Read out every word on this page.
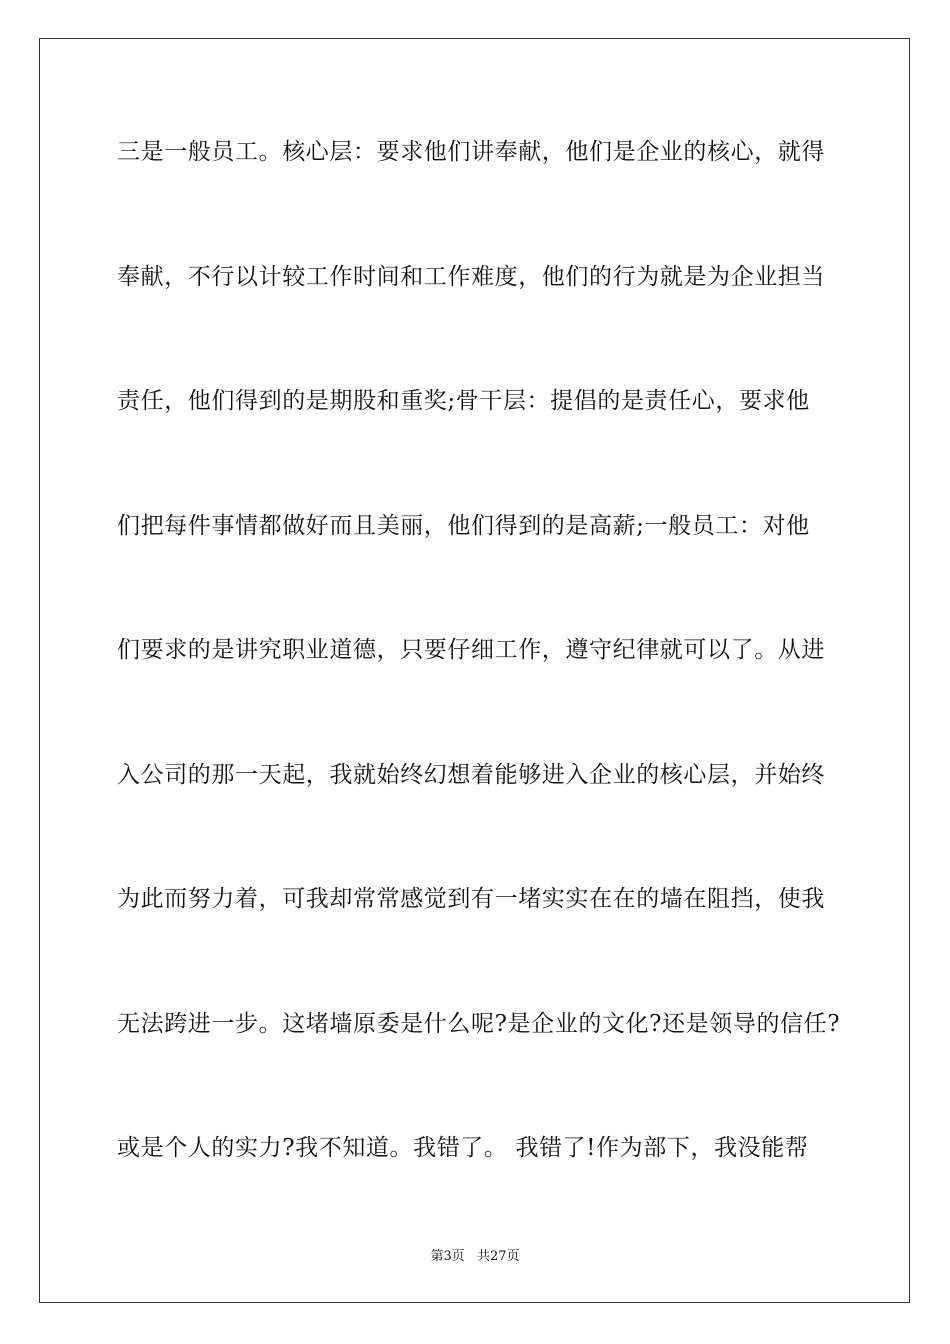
三是一般员工。核心层：要求他们讲奉献，他们是企业的核心，就得
奉献，不行以计较工作时间和工作难度，他们的行为就是为企业担当
责任，他们得到的是期股和重奖;骨干层：提倡的是责任心，要求他
们把每件事情都做好而且美丽，他们得到的是高薪;一般员工：对他
们要求的是讲究职业道德，只要仔细工作，遵守纪律就可以了。从进
入公司的那一天起，我就始终幻想着能够进入企业的核心层，并始终
为此而努力着，可我却常常感觉到有一堵实实在在的墙在阻挡，使我
无法跨进一步。这堵墙原委是什么呢?是企业的文化?还是领导的信任?
或是个人的实力?我不知道。我错了。 我错了!作为部下，我没能帮
第3页 共27页
